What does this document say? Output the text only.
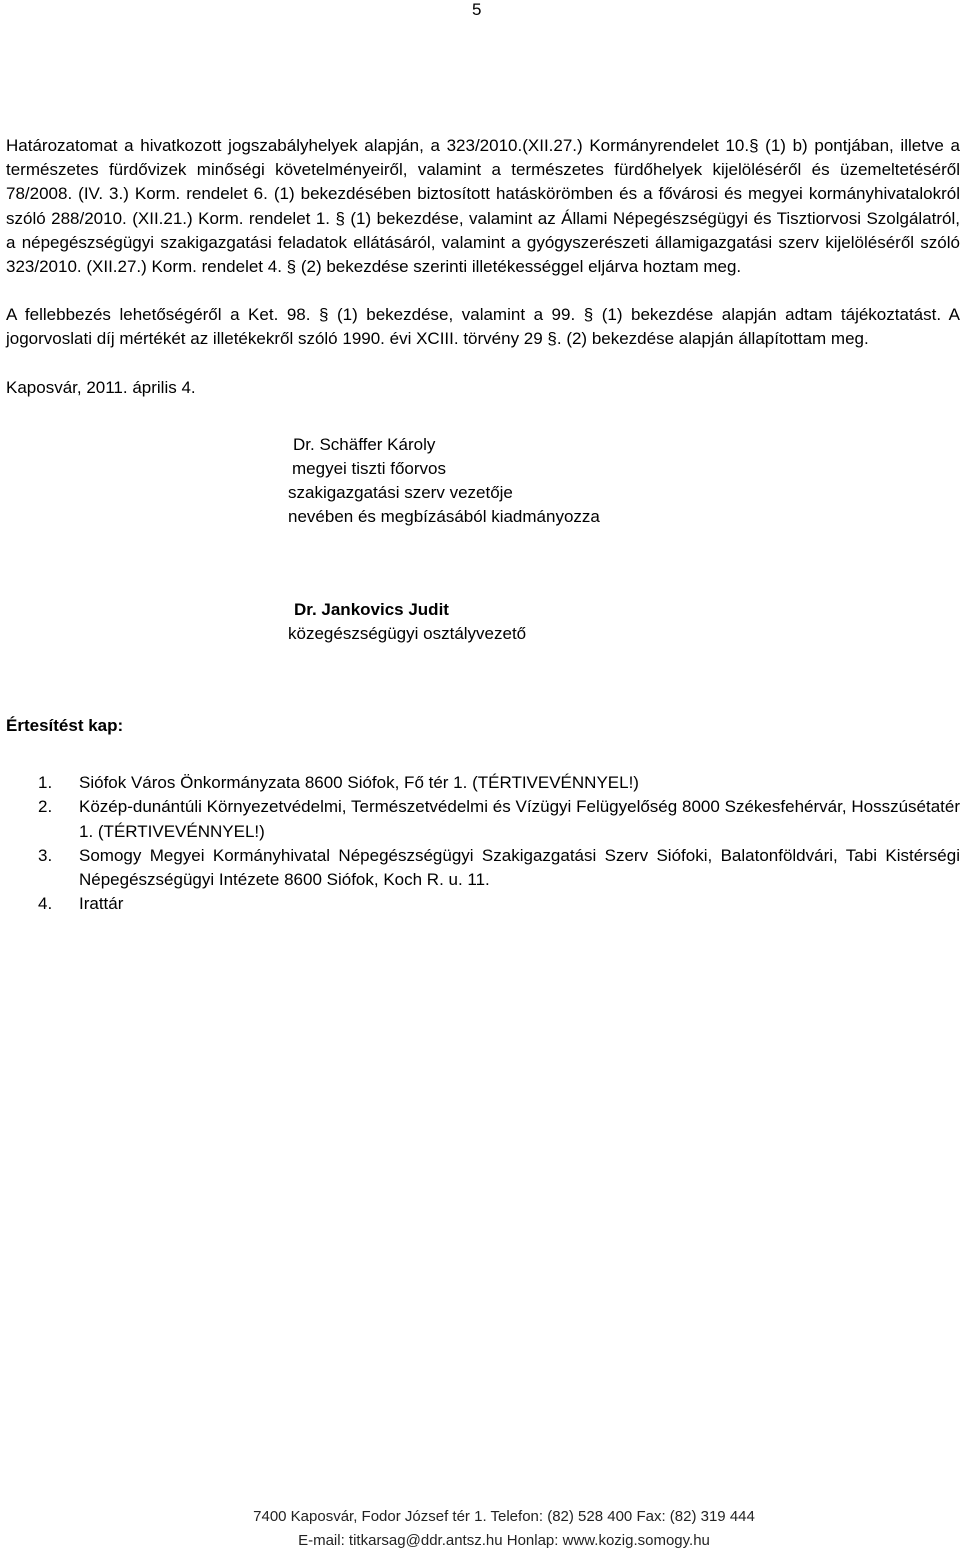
5

Határozatomat a hivatkozott jogszabályhelyek alapján, a 323/2010.(XII.27.) Kormányrendelet 10.§ (1) b) pontjában, illetve a természetes fürdővizek minőségi követelményeiről, valamint a természetes fürdőhelyek kijelöléséről és üzemeltetéséről 78/2008. (IV. 3.) Korm. rendelet 6. (1) bekezdésében biztosított hatáskörömben és a fővárosi és megyei kormányhivatalokról szóló 288/2010. (XII.21.) Korm. rendelet 1. § (1) bekezdése, valamint az Állami Népegészségügyi és Tisztiorvosi Szolgálatról, a népegészségügyi szakigazgatási feladatok ellátásáról, valamint a gyógyszerészeti államigazgatási szerv kijelöléséről szóló 323/2010. (XII.27.) Korm. rendelet 4. § (2) bekezdése szerinti illetékességgel eljárva hoztam meg.

A fellebbezés lehetőségéről a Ket. 98. § (1) bekezdése, valamint a 99. § (1) bekezdése alapján adtam tájékoztatást. A jogorvoslati díj mértékét az illetékekről szóló 1990. évi XCIII. törvény 29 §. (2) bekezdése alapján állapítottam meg.

Kaposvár, 2011. április 4.

Dr. Schäffer Károly
megyei tiszti főorvos
szakigazgatási szerv vezetője
nevében és megbízásából kiadmányozza
Dr. Jankovics Judit
közegészségügyi osztályvezető
Értesítést kap:
1. Siófok Város Önkormányzata 8600 Siófok, Fő tér 1. (TÉRTIVEVÉNNYEL!)
2. Közép-dunántúli Környezetvédelmi, Természetvédelmi és Vízügyi Felügyelőség 8000 Székesfehérvár, Hosszúsétatér 1. (TÉRTIVEVÉNNYEL!)
3. Somogy Megyei Kormányhivatal Népegészségügyi Szakigazgatási Szerv Siófoki, Balatonföldvári, Tabi Kistérségi Népegészségügyi Intézete 8600 Siófok, Koch R. u. 11.
4. Irattár
7400 Kaposvár, Fodor József tér 1. Telefon: (82) 528 400 Fax: (82) 319 444
E-mail: titkarsag@ddr.antsz.hu Honlap: www.kozig.somogy.hu
